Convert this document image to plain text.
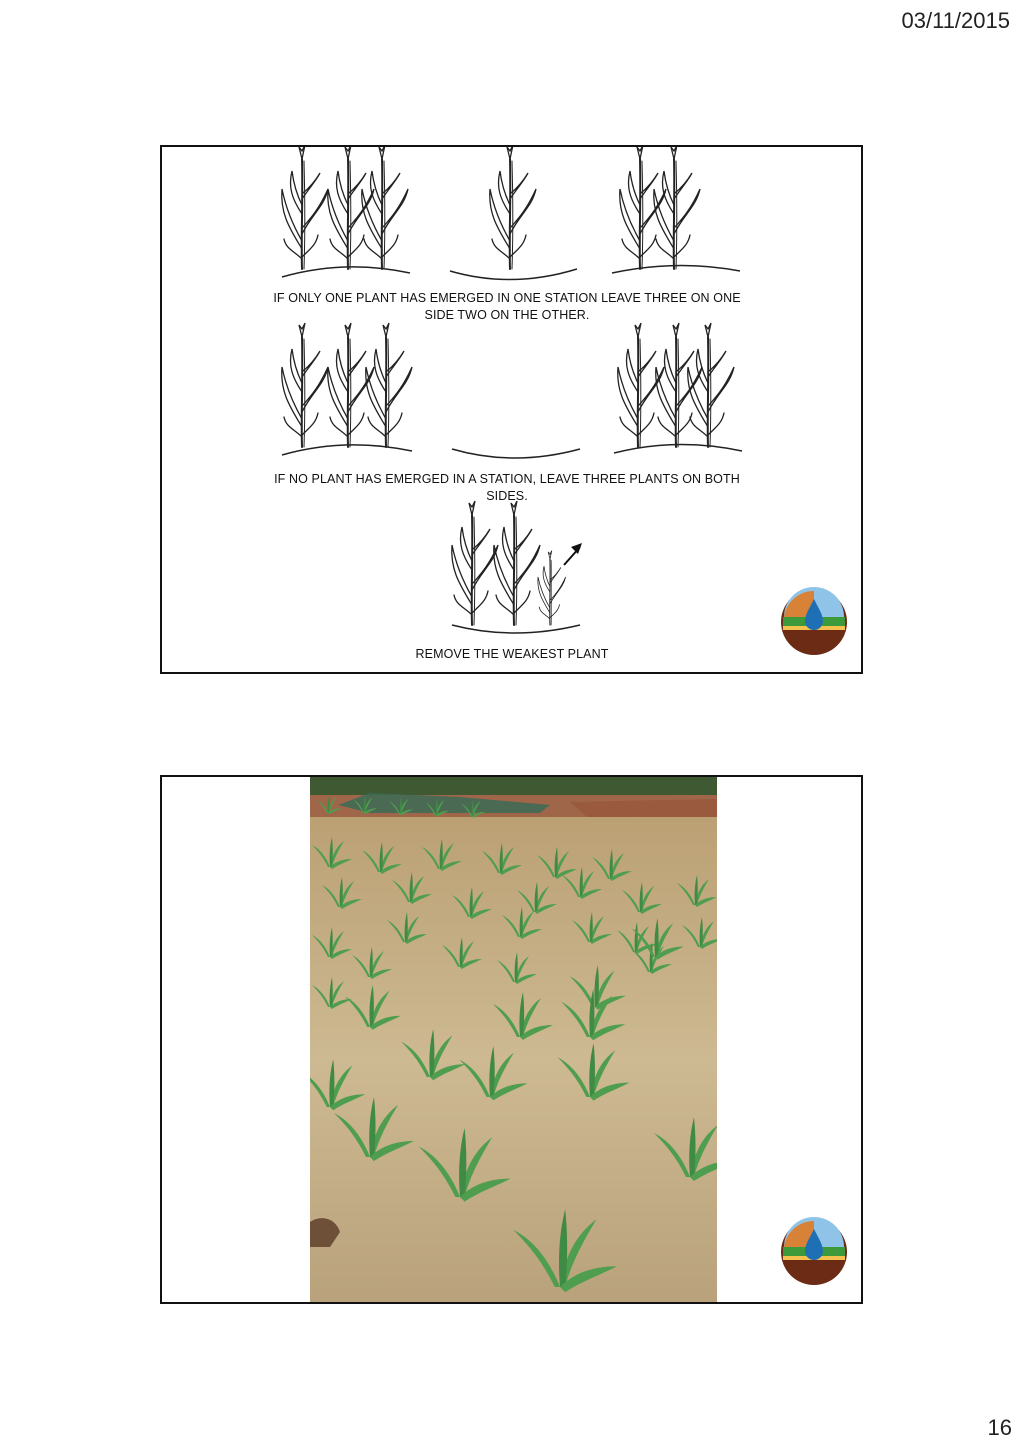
03/11/2015
IF ONLY ONE PLANT HAS EMERGED IN ONE STATION LEAVE THREE ON ONE SIDE TWO ON THE OTHER.
IF NO PLANT HAS EMERGED IN A STATION, LEAVE THREE PLANTS ON BOTH SIDES.
REMOVE THE WEAKEST PLANT
16
